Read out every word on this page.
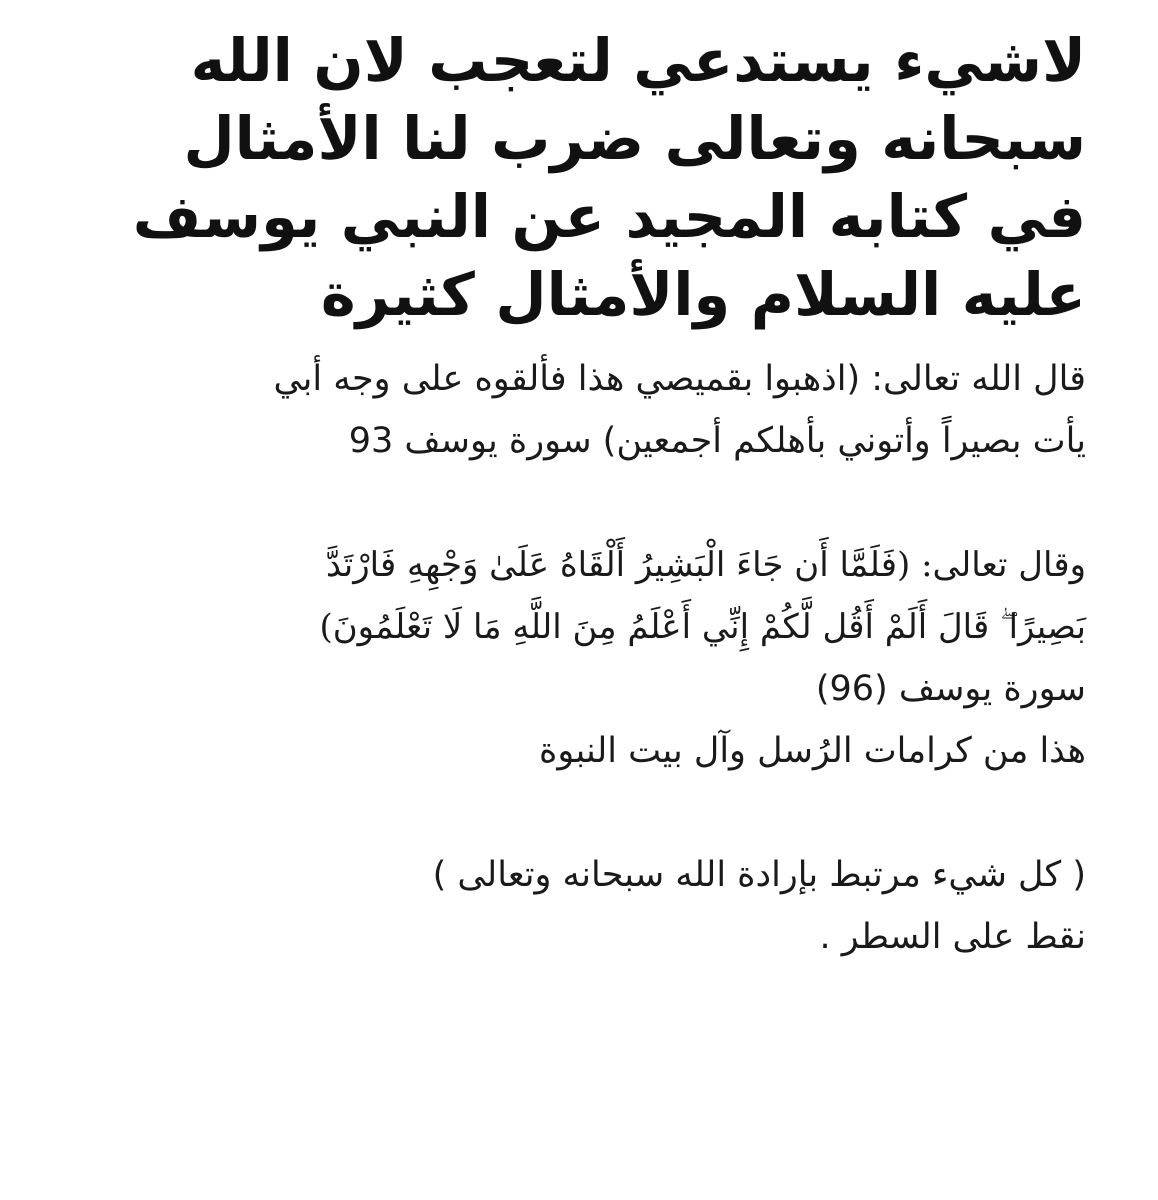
لاشيء يستدعي لتعجب لان الله
سبحانه وتعالى ضرب لنا الأمثال
في كتابه المجيد عن النبي يوسف
عليه السلام والأمثال كثيرة
قال الله تعالى: (اذهبوا بقميصي هذا فألقوه على وجه أبي
يأت بصيراً وأتوني بأهلكم أجمعين) سورة يوسف 93
وقال تعالى: (فَلَمَّا أَن جَاءَ الْبَشِيرُ أَلْقَاهُ عَلَىٰ وَجْهِهِ فَارْتَدَّ
بَصِيرًا ۖ قَالَ أَلَمْ أَقُل لَّكُمْ إِنِّي أَعْلَمُ مِنَ اللَّهِ مَا لَا تَعْلَمُونَ)
سورة يوسف (96)
هذا من كرامات الرُسل وآل بيت النبوة
( كل شيء مرتبط بإرادة الله سبحانه وتعالى )
نقط على السطر .
